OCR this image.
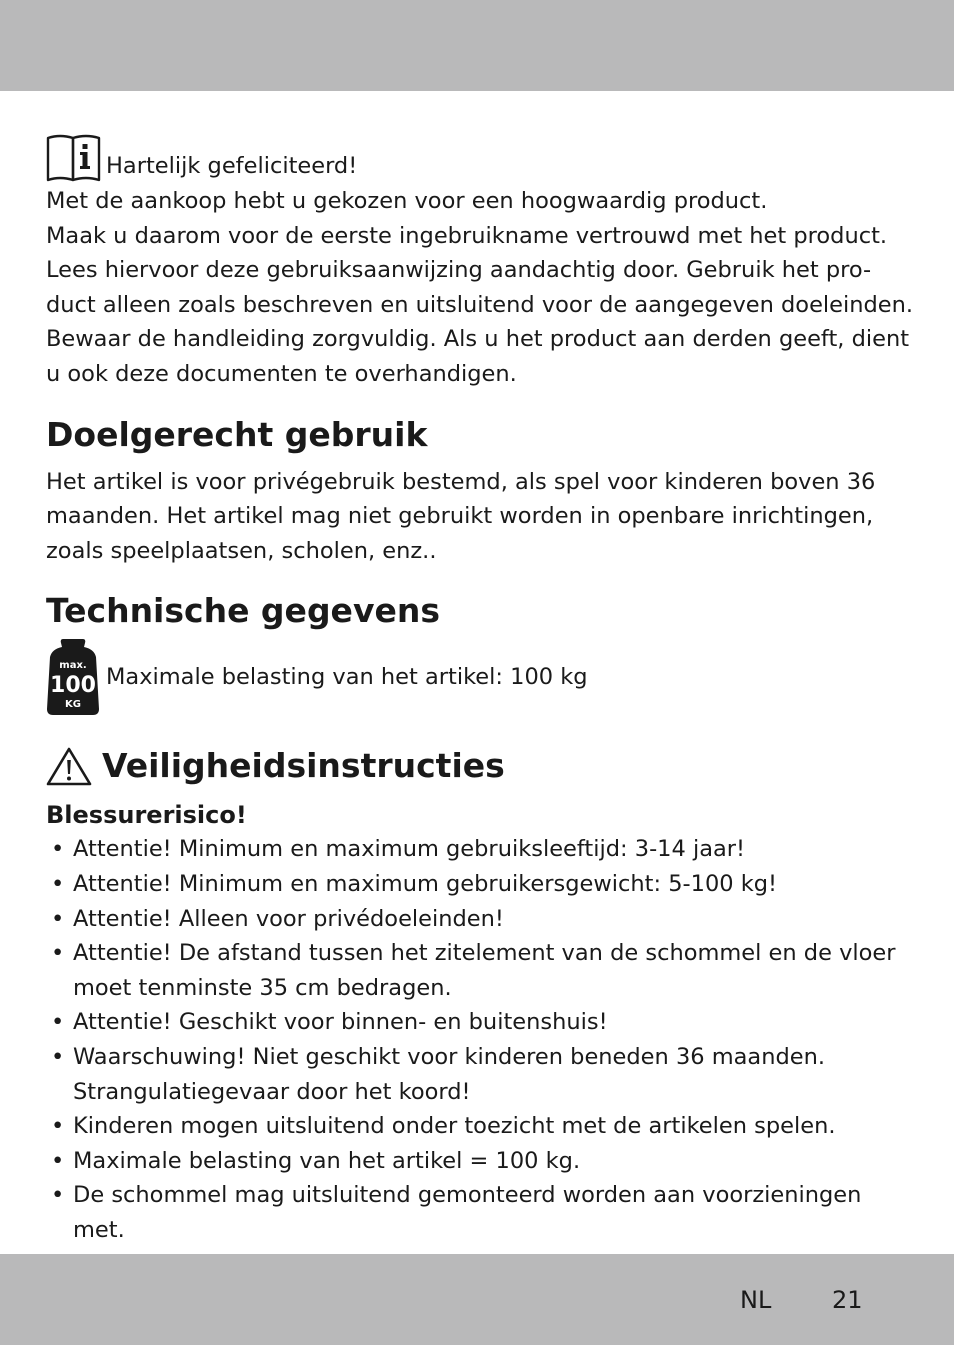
Hartelijk gefeliciteerd!

Met de aankoop hebt u gekozen voor een hoogwaardig product.

Maak u daarom voor de eerste ingebruikname vertrouwd met het product.

Lees hiervoor deze gebruiksaanwijzing aandachtig door. Gebruik het pro-

duct alleen zoals beschreven en uitsluitend voor de aangegeven doeleinden.

Bewaar de handleiding zorgvuldig. Als u het product aan derden geeft, dient

u ook deze documenten te overhandigen.

Doelgerecht gebruik

Het artikel is voor privégebruik bestemd, als spel voor kinderen boven 36

maanden. Het artikel mag niet gebruikt worden in openbare inrichtingen,

zoals speelplaatsen, scholen, enz..

Technische gegevens
max.
100
KG

Maximale belasting van het artikel: 100 kg

Veiligheidsinstructies
Blessurerisico!
• Attentie! Minimum en maximum gebruiksleeftijd: 3-14 jaar!
• Attentie! Minimum en maximum gebruikersgewicht: 5-100 kg!
• Attentie! Alleen voor privédoeleinden!
• Attentie! De afstand tussen het zitelement van de schommel en de vloer
moet tenminste 35 cm bedragen.
• Attentie! Geschikt voor binnen- en buitenshuis!
• Waarschuwing! Niet geschikt voor kinderen beneden 36 maanden.
Strangulatiegevaar door het koord!
• Kinderen mogen uitsluitend onder toezicht met de artikelen spelen.
• Maximale belasting van het artikel = 100 kg.
• De schommel mag uitsluitend gemonteerd worden aan voorzieningen met.
NL	21
